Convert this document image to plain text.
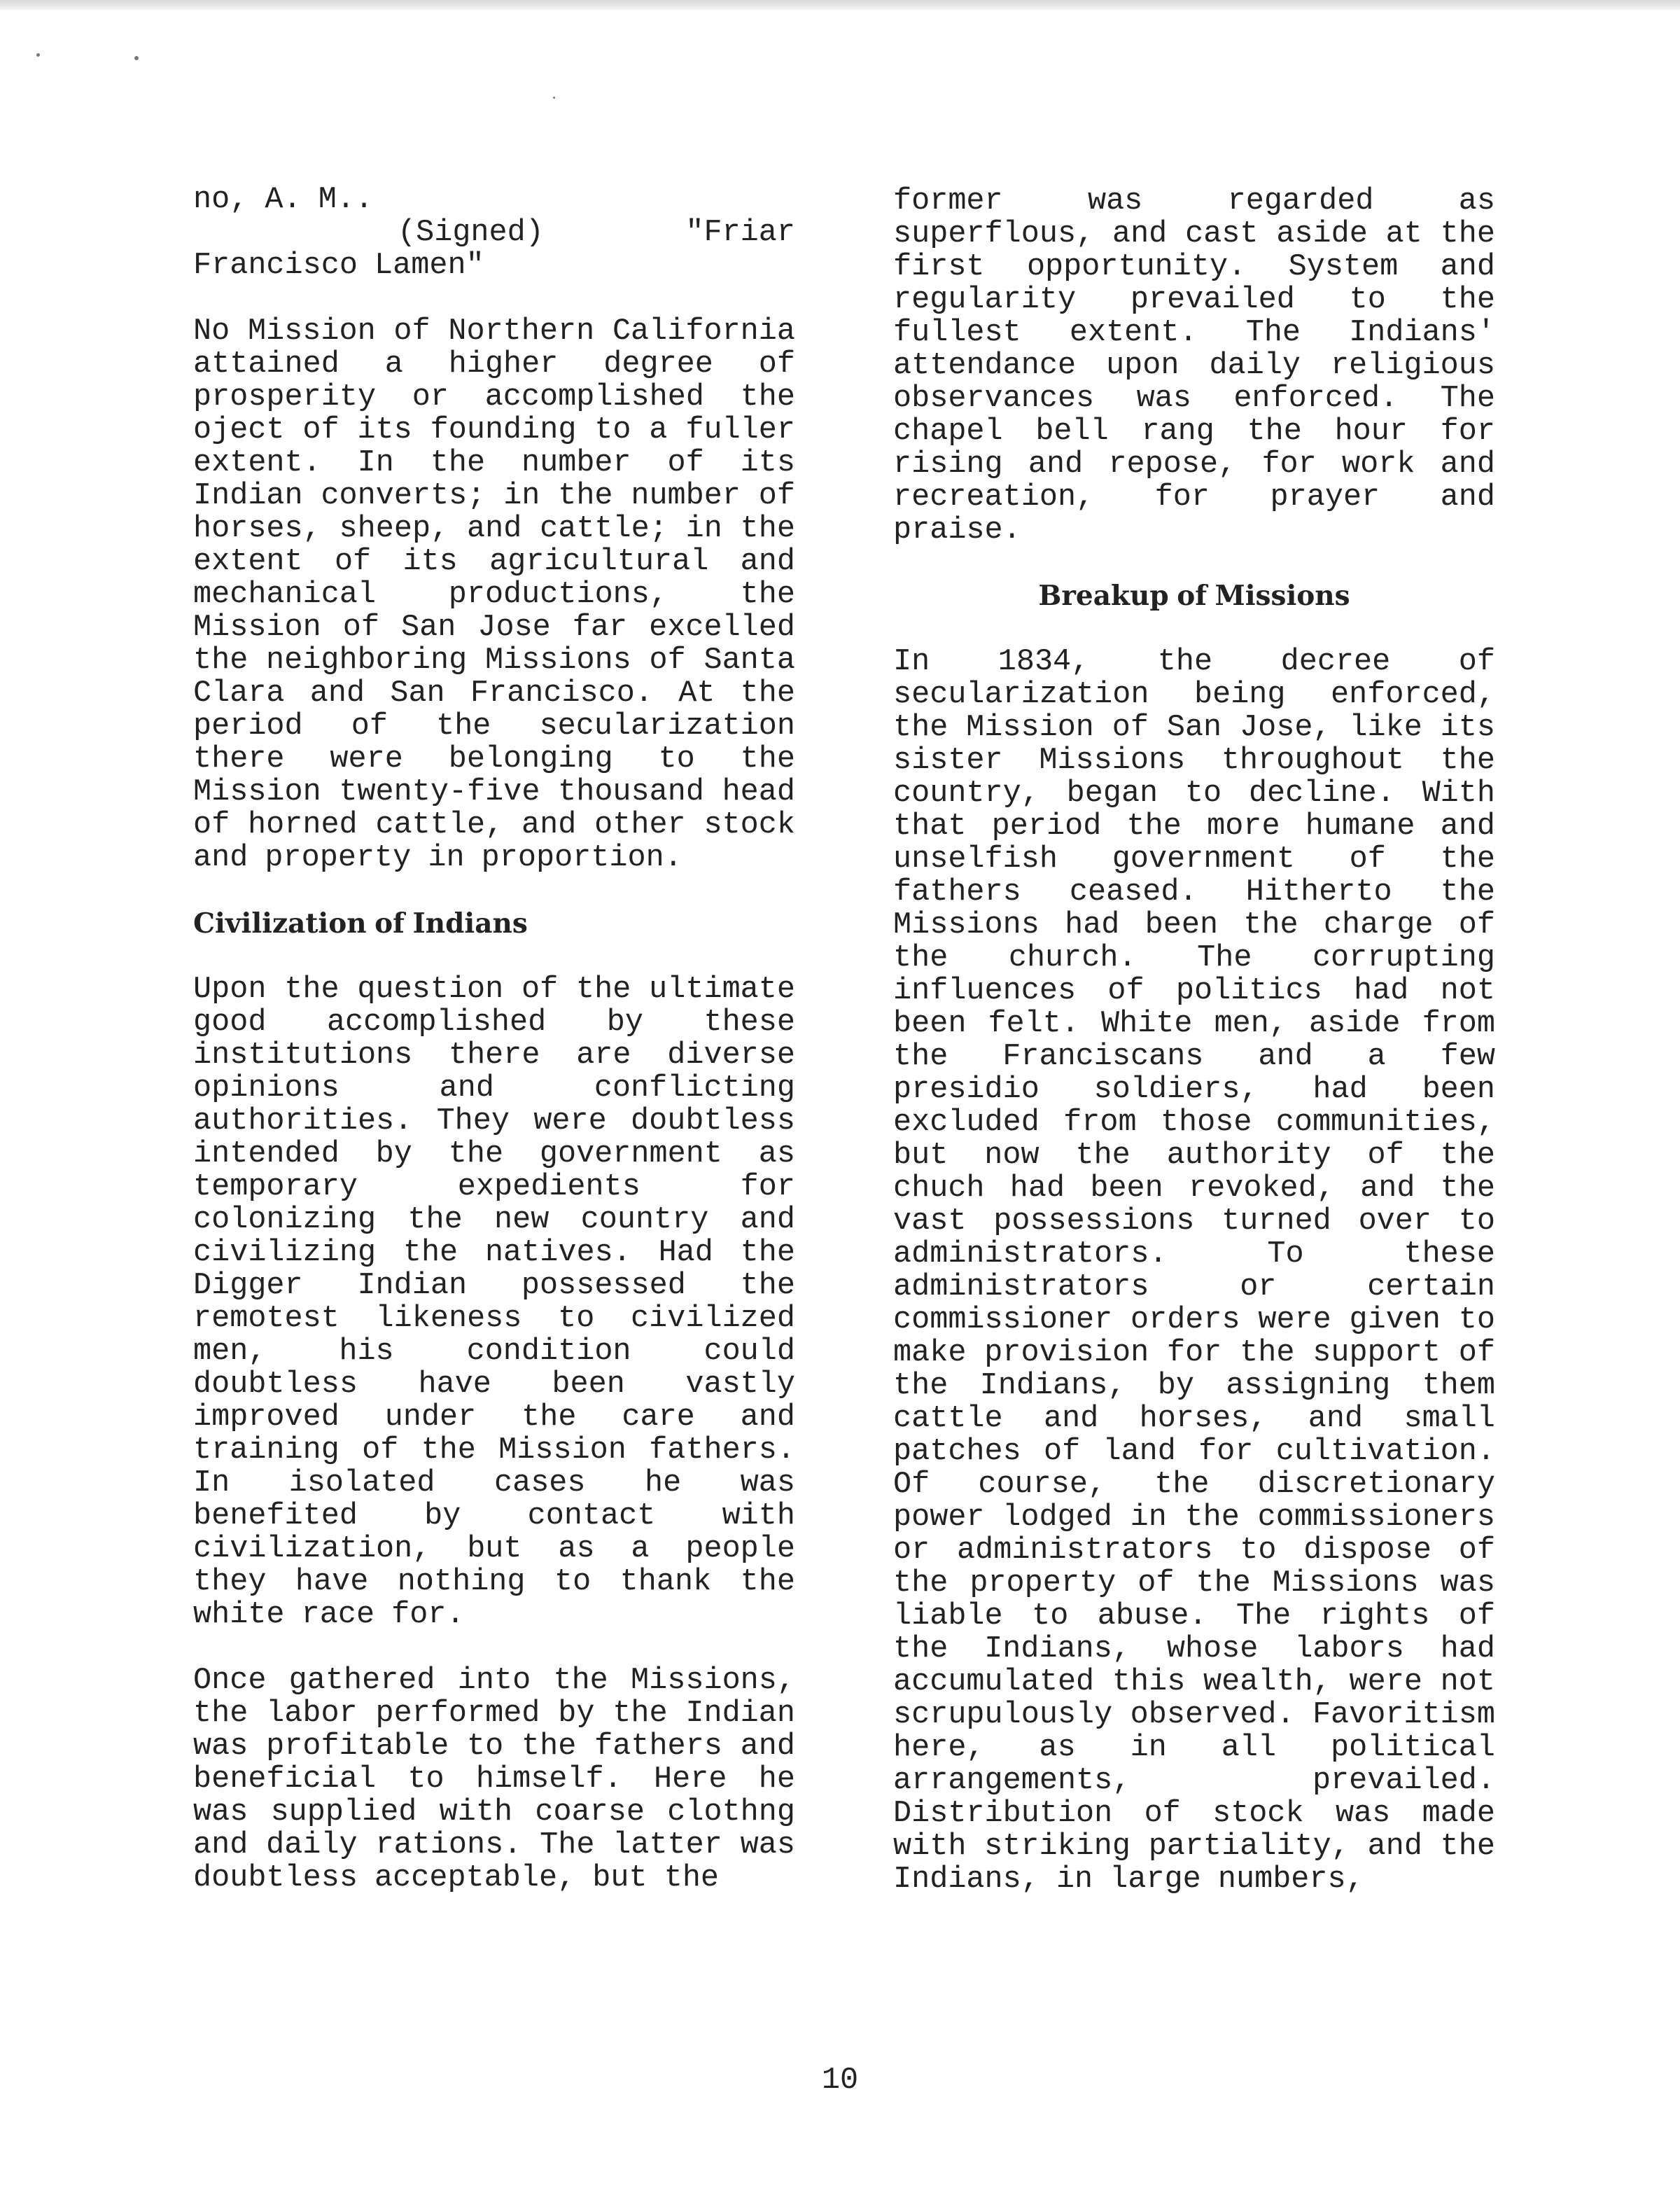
no, A. M..
(Signed)	"Friar
Francisco Lamen"

No Mission of Northern California attained a higher degree of prosperity or accomplished the oject of its founding to a fuller extent. In the number of its Indian converts; in the number of horses, sheep, and cattle; in the extent of its agricultural and mechanical productions, the Mission of San Jose far excelled the neighboring Missions of Santa Clara and San Francisco. At the period of the secularization there were belonging to the Mission twenty-five thousand head of horned cattle, and other stock and property in proportion.

Civilization of Indians

Upon the question of the ultimate good accomplished by these institutions there are diverse opinions and conflicting authorities. They were doubtless intended by the government as temporary expedients for colonizing the new country and civilizing the natives. Had the Digger Indian possessed the remotest likeness to civilized men, his condition could doubtless have been vastly improved under the care and training of the Mission fathers. In isolated cases he was benefited by contact with civilization, but as a people they have nothing to thank the white race for.

Once gathered into the Missions, the labor performed by the Indian was profitable to the fathers and beneficial to himself. Here he was supplied with coarse clothng and daily rations. The latter was doubtless acceptable, but the

former was regarded as superflous, and cast aside at the first opportunity. System and regularity prevailed to the fullest extent. The Indians' attendance upon daily religious observances was enforced. The chapel bell rang the hour for rising and repose, for work and recreation, for prayer and praise.

Breakup of Missions

In 1834, the decree of secularization being enforced, the Mission of San Jose, like its sister Missions throughout the country, began to decline. With that period the more humane and unselfish government of the fathers ceased. Hitherto the Missions had been the charge of the church. The corrupting influences of politics had not been felt. White men, aside from the Franciscans and a few presidio soldiers, had been excluded from those communities, but now the authority of the chuch had been revoked, and the vast possessions turned over to administrators. To these administrators or certain commissioner orders were given to make provision for the support of the Indians, by assigning them cattle and horses, and small patches of land for cultivation. Of course, the discretionary power lodged in the commissioners or administrators to dispose of the property of the Missions was liable to abuse. The rights of the Indians, whose labors had accumulated this wealth, were not scrupulously observed. Favoritism here, as in all political arrangements, prevailed. Distribution of stock was made with striking partiality, and the Indians, in large numbers,

10
